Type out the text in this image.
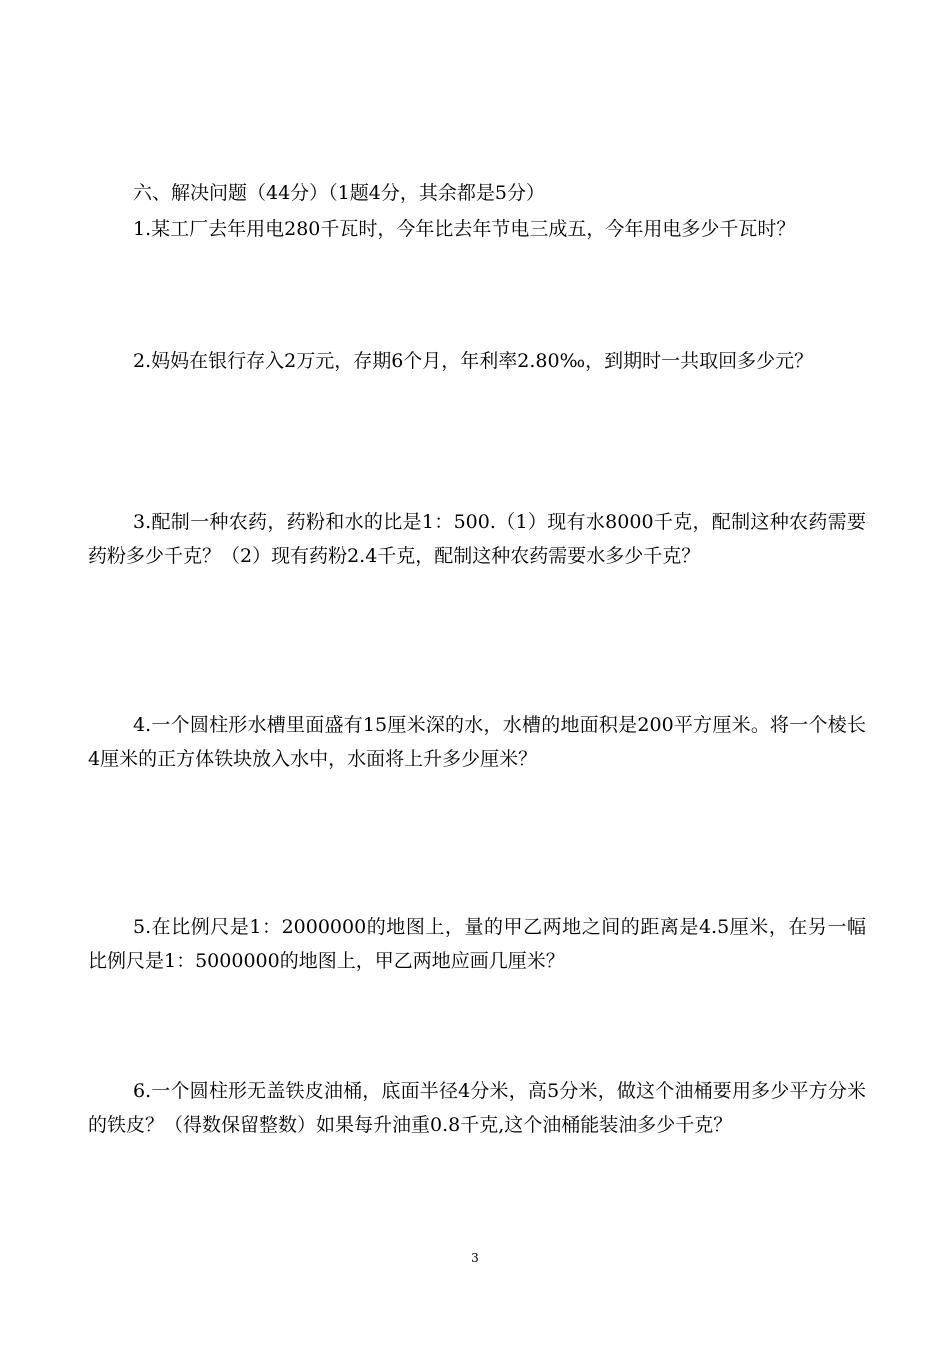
六、解决问题（44分）（1题4分，其余都是5分）
1.某工厂去年用电280千瓦时，今年比去年节电三成五，今年用电多少千瓦时？
2.妈妈在银行存入2万元，存期6个月，年利率2.80‰，到期时一共取回多少元？
3.配制一种农药，药粉和水的比是1：500.（1）现有水8000千克，配制这种农药需要药粉多少千克？（2）现有药粉2.4千克，配制这种农药需要水多少千克？
4.一个圆柱形水槽里面盛有15厘米深的水，水槽的地面积是200平方厘米。将一个棱长4厘米的正方体铁块放入水中，水面将上升多少厘米？
5.在比例尺是1：2000000的地图上，量的甲乙两地之间的距离是4.5厘米，在另一幅比例尺是1：5000000的地图上，甲乙两地应画几厘米？
6.一个圆柱形无盖铁皮油桶，底面半径4分米，高5分米，做这个油桶要用多少平方分米的铁皮？（得数保留整数）如果每升油重0.8千克,这个油桶能装油多少千克？
3
